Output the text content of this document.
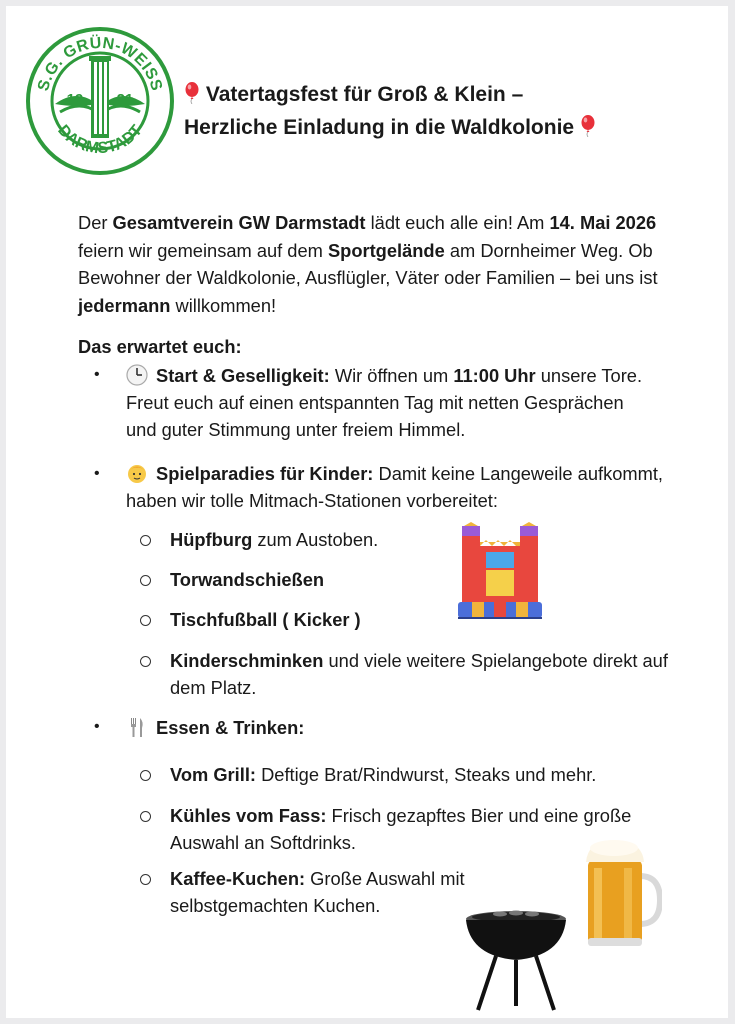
S.G. GRÜN-WEISS
DARMSTADT
19 21	Vatertagsfest für Groß & Klein –
Herzliche Einladung in die Waldkolonie
Der Gesamtverein GW Darmstadt lädt euch alle ein! Am 14. Mai 2026 feiern wir gemeinsam auf dem Sportgelände am Dornheimer Weg. Ob Bewohner der Waldkolonie, Ausflügler, Väter oder Familien – bei uns ist jedermann willkommen!
Das erwartet euch:
•	Start & Geselligkeit: Wir öffnen um 11:00 Uhr unsere Tore. Freut euch auf einen entspannten Tag mit netten Gesprächen und guter Stimmung unter freiem Himmel.
•	Spielparadies für Kinder: Damit keine Langeweile aufkommt, haben wir tolle Mitmach-Stationen vorbereitet:
Hüpfburg zum Austoben.
Torwandschießen
Tischfußball ( Kicker )
Kinderschminken und viele weitere Spielangebote direkt auf dem Platz.
•	Essen & Trinken:
Vom Grill: Deftige Brat/Rindwurst, Steaks und mehr.
Kühles vom Fass: Frisch gezapftes Bier und eine große Auswahl an Softdrinks.
Kaffee-Kuchen: Große Auswahl mit selbstgemachten Kuchen.
